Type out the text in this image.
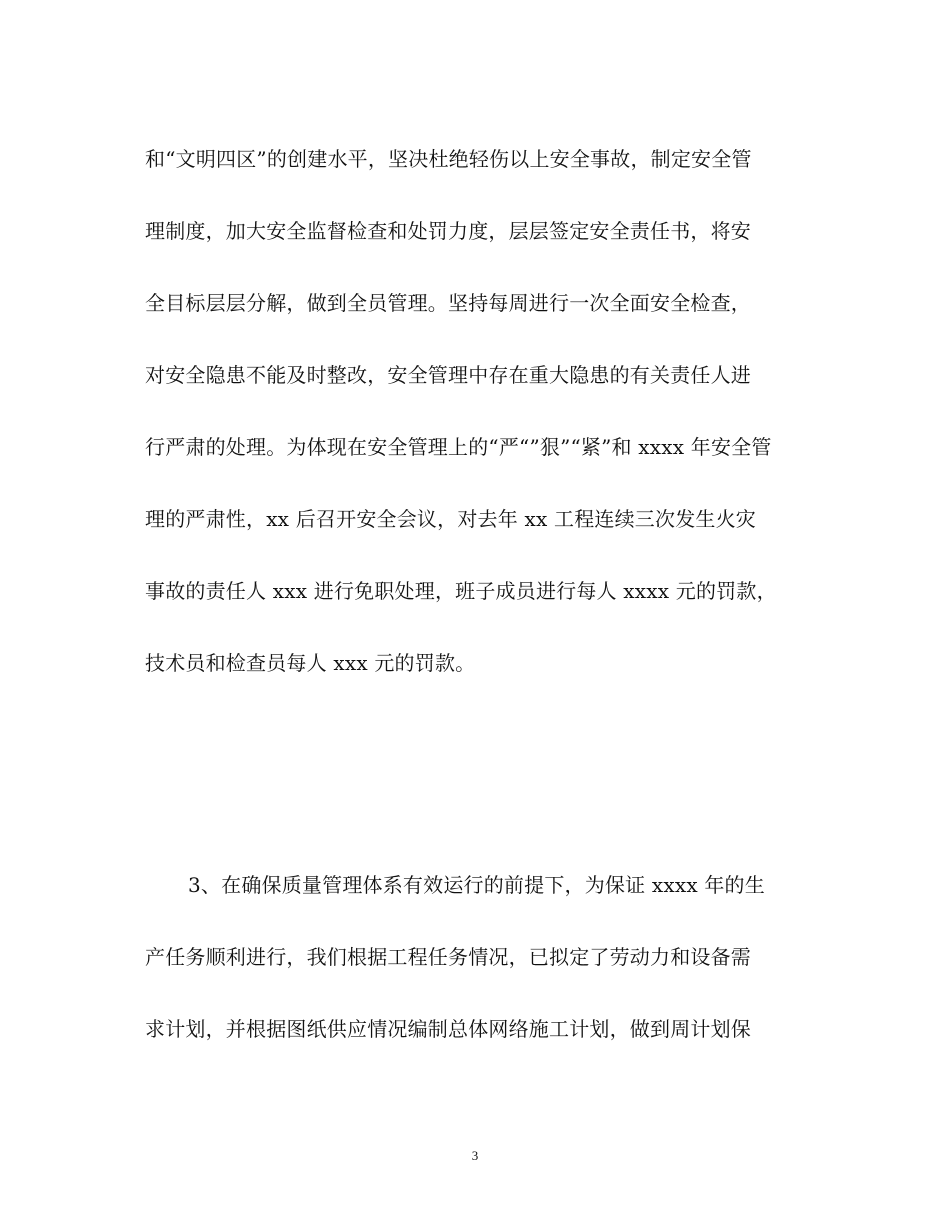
和“文明四区”的创建水平，坚决杜绝轻伤以上安全事故，制定安全管
理制度，加大安全监督检查和处罚力度，层层签定安全责任书，将安
全目标层层分解，做到全员管理。坚持每周进行一次全面安全检查，
对安全隐患不能及时整改，安全管理中存在重大隐患的有关责任人进
行严肃的处理。为体现在安全管理上的“严“”狠”“紧”和 xxxx 年安全管
理的严肃性，xx 后召开安全会议，对去年 xx 工程连续三次发生火灾
事故的责任人 xxx 进行免职处理，班子成员进行每人 xxxx 元的罚款，
技术员和检查员每人 xxx 元的罚款。
3、在确保质量管理体系有效运行的前提下，为保证 xxxx 年的生
产任务顺利进行，我们根据工程任务情况，已拟定了劳动力和设备需
求计划，并根据图纸供应情况编制总体网络施工计划，做到周计划保
3
